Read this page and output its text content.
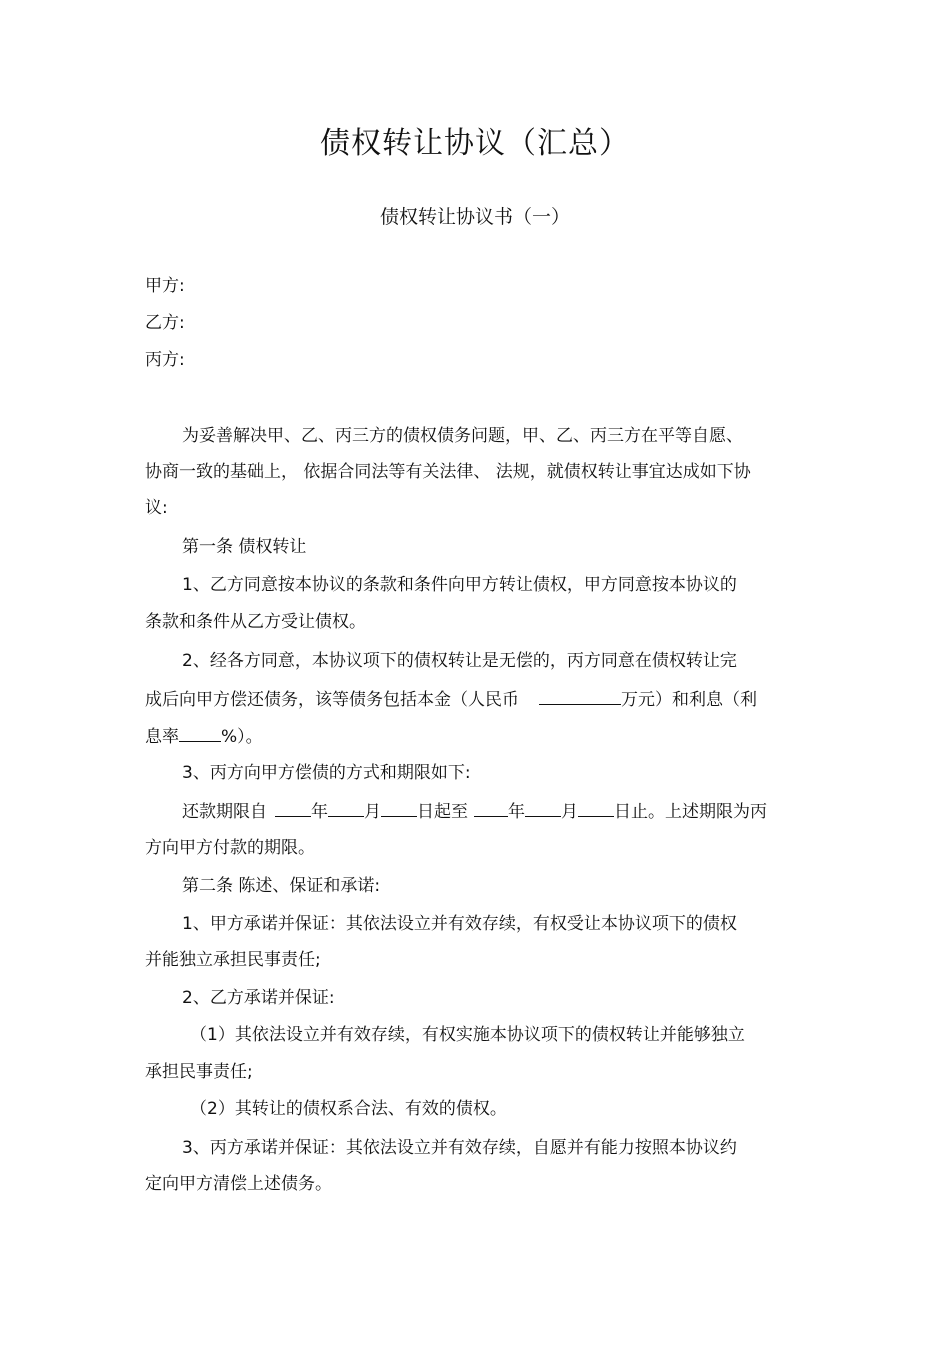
债权转让协议（汇总）
债权转让协议书（一）
甲方:
乙方:
丙方:
为妥善解决甲、乙、丙三方的债权债务问题，甲、乙、丙三方在平等自愿、
协商一致的基础上， 依据合同法等有关法律、 法规，就债权转让事宜达成如下协
议:
第一条 债权转让
1、乙方同意按本协议的条款和条件向甲方转让债权，甲方同意按本协议的
条款和条件从乙方受让债权。
2、经各方同意，本协议项下的债权转让是无偿的，丙方同意在债权转让完
成后向甲方偿还债务，该等债务包括本金（人民币	万元）和利息（利
息率 %）。
3、丙方向甲方偿债的方式和期限如下:
还款期限自	年 月 日起至 年 月 日止。上述期限为丙
方向甲方付款的期限。
第二条 陈述、保证和承诺:
1、甲方承诺并保证：其依法设立并有效存续，有权受让本协议项下的债权
并能独立承担民事责任;
2、乙方承诺并保证:
（1）其依法设立并有效存续，有权实施本协议项下的债权转让并能够独立
承担民事责任;
（2）其转让的债权系合法、有效的债权。
3、丙方承诺并保证：其依法设立并有效存续，自愿并有能力按照本协议约
定向甲方清偿上述债务。
